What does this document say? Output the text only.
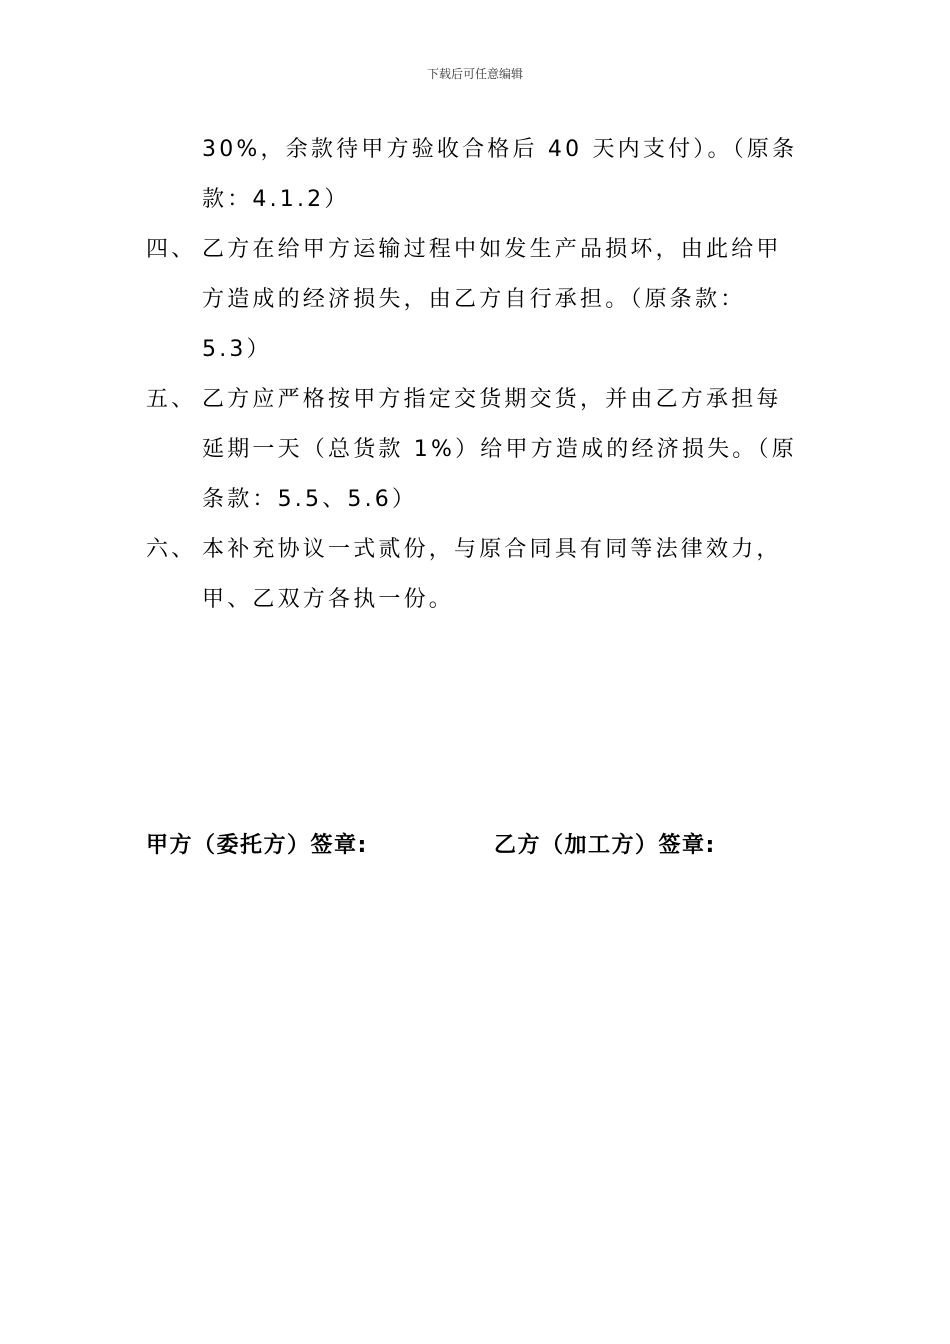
下载后可任意编辑
30%，余款待甲方验收合格后 40 天内支付）。（原条
款：4.1.2）
四、 乙方在给甲方运输过程中如发生产品损坏，由此给甲
方造成的经济损失，由乙方自行承担。（原条款：
5.3）
五、 乙方应严格按甲方指定交货期交货，并由乙方承担每
延期一天（总货款 1%）给甲方造成的经济损失。（原
条款：5.5、5.6）
六、 本补充协议一式贰份，与原合同具有同等法律效力，
甲、乙双方各执一份。
甲方（委托方）签章:	乙方（加工方）签章:
